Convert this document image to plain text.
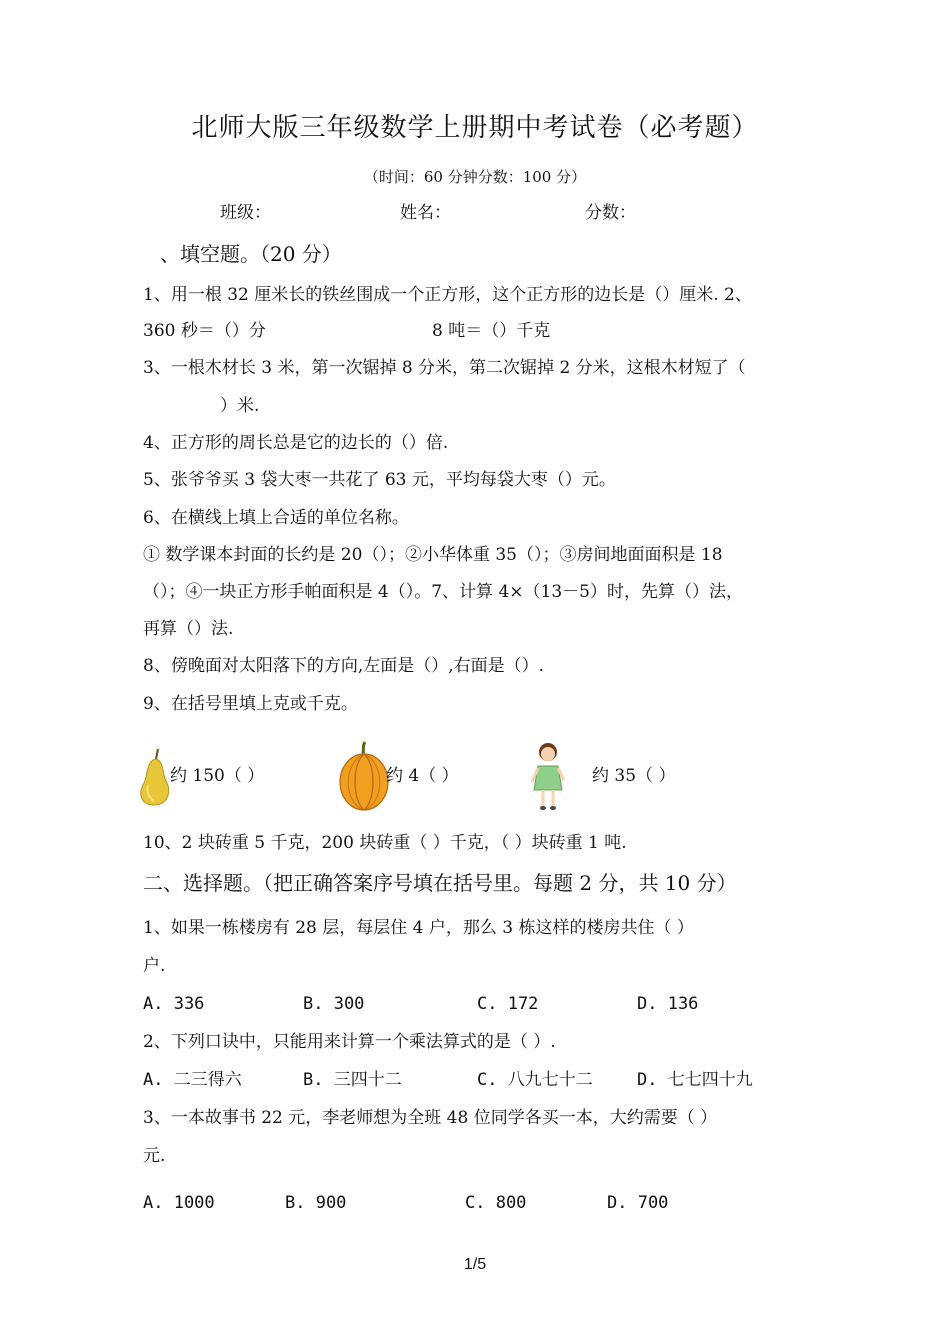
北师大版三年级数学上册期中考试卷（必考题）
（时间：60 分钟分数：100 分）
班级：	姓名：	分数：
、填空题。（20 分）
1、用一根 32 厘米长的铁丝围成一个正方形，这个正方形的边长是（）厘米. 2、
360 秒＝（）分	8 吨＝（）千克
3、一根木材长 3 米，第一次锯掉 8 分米，第二次锯掉 2 分米，这根木材短了（
）米.
4、正方形的周长总是它的边长的（）倍.
5、张爷爷买 3 袋大枣一共花了 63 元，平均每袋大枣（）元。
6、在横线上填上合适的单位名称。
① 数学课本封面的长约是 20（）；②小华体重 35（）；③房间地面面积是 18
（）；④一块正方形手帕面积是 4（）。7、计算 4×（13－5）时，先算（）法，
再算（）法.
8、傍晚面对太阳落下的方向,左面是（）,右面是（）.
9、在括号里填上克或千克。
约 150（ ）	约 4（ ）	约 35（ ）
10、2 块砖重 5 千克，200 块砖重（ ）千克，（ ）块砖重 1 吨.
二、选择题。（把正确答案序号填在括号里。每题 2 分，共 10 分）
1、如果一栋楼房有 28 层，每层住 4 户，那么 3 栋这样的楼房共住（ ）
户.
A. 336	B. 300	C. 172	D. 136
2、下列口诀中，只能用来计算一个乘法算式的是（ ）.
A. 二三得六	B. 三四十二	C. 八九七十二	D. 七七四十九
3、一本故事书 22 元，李老师想为全班 48 位同学各买一本，大约需要（ ）
元.
A. 1000	B. 900	C. 800	D. 700
1/5
